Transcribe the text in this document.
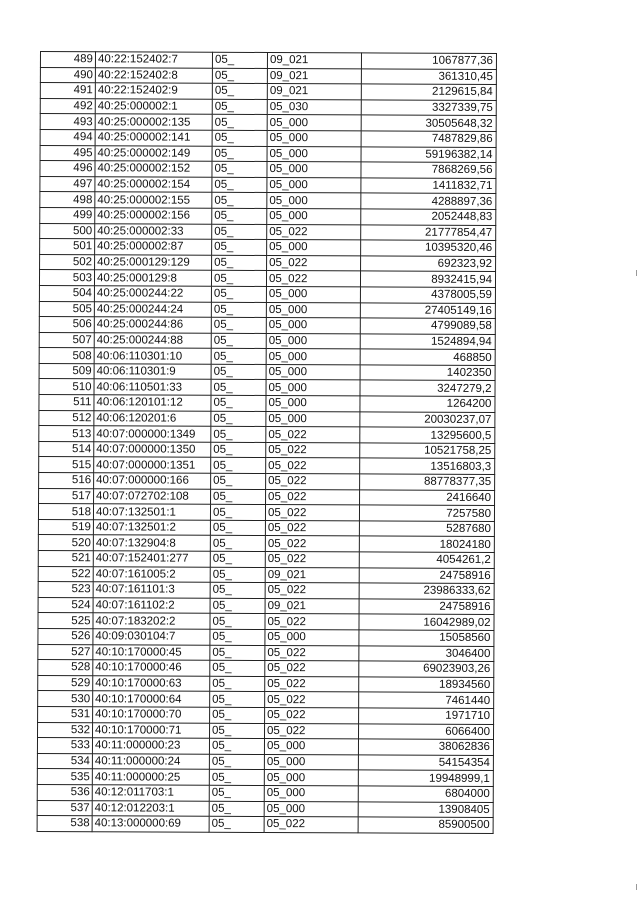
489	40:22:152402:7	05_	09_021	1067877,36
490	40:22:152402:8	05_	09_021	361310,45
491	40:22:152402:9	05_	09_021	2129615,84
492	40:25:000002:1	05_	05_030	3327339,75
493	40:25:000002:135	05_	05_000	30505648,32
494	40:25:000002:141	05_	05_000	7487829,86
495	40:25:000002:149	05_	05_000	59196382,14
496	40:25:000002:152	05_	05_000	7868269,56
497	40:25:000002:154	05_	05_000	1411832,71
498	40:25:000002:155	05_	05_000	4288897,36
499	40:25:000002:156	05_	05_000	2052448,83
500	40:25:000002:33	05_	05_022	21777854,47
501	40:25:000002:87	05_	05_000	10395320,46
502	40:25:000129:129	05_	05_022	692323,92
503	40:25:000129:8	05_	05_022	8932415,94
504	40:25:000244:22	05_	05_000	4378005,59
505	40:25:000244:24	05_	05_000	27405149,16
506	40:25:000244:86	05_	05_000	4799089,58
507	40:25:000244:88	05_	05_000	1524894,94
508	40:06:110301:10	05_	05_000	468850
509	40:06:110301:9	05_	05_000	1402350
510	40:06:110501:33	05_	05_000	3247279,2
511	40:06:120101:12	05_	05_000	1264200
512	40:06:120201:6	05_	05_000	20030237,07
513	40:07:000000:1349	05_	05_022	13295600,5
514	40:07:000000:1350	05_	05_022	10521758,25
515	40:07:000000:1351	05_	05_022	13516803,3
516	40:07:000000:166	05_	05_022	88778377,35
517	40:07:072702:108	05_	05_022	2416640
518	40:07:132501:1	05_	05_022	7257580
519	40:07:132501:2	05_	05_022	5287680
520	40:07:132904:8	05_	05_022	18024180
521	40:07:152401:277	05_	05_022	4054261,2
522	40:07:161005:2	05_	09_021	24758916
523	40:07:161101:3	05_	05_022	23986333,62
524	40:07:161102:2	05_	09_021	24758916
525	40:07:183202:2	05_	05_022	16042989,02
526	40:09:030104:7	05_	05_000	15058560
527	40:10:170000:45	05_	05_022	3046400
528	40:10:170000:46	05_	05_022	69023903,26
529	40:10:170000:63	05_	05_022	18934560
530	40:10:170000:64	05_	05_022	7461440
531	40:10:170000:70	05_	05_022	1971710
532	40:10:170000:71	05_	05_022	6066400
533	40:11:000000:23	05_	05_000	38062836
534	40:11:000000:24	05_	05_000	54154354
535	40:11:000000:25	05_	05_000	19948999,1
536	40:12:011703:1	05_	05_000	6804000
537	40:12:012203:1	05_	05_000	13908405
538	40:13:000000:69	05_	05_022	85900500
